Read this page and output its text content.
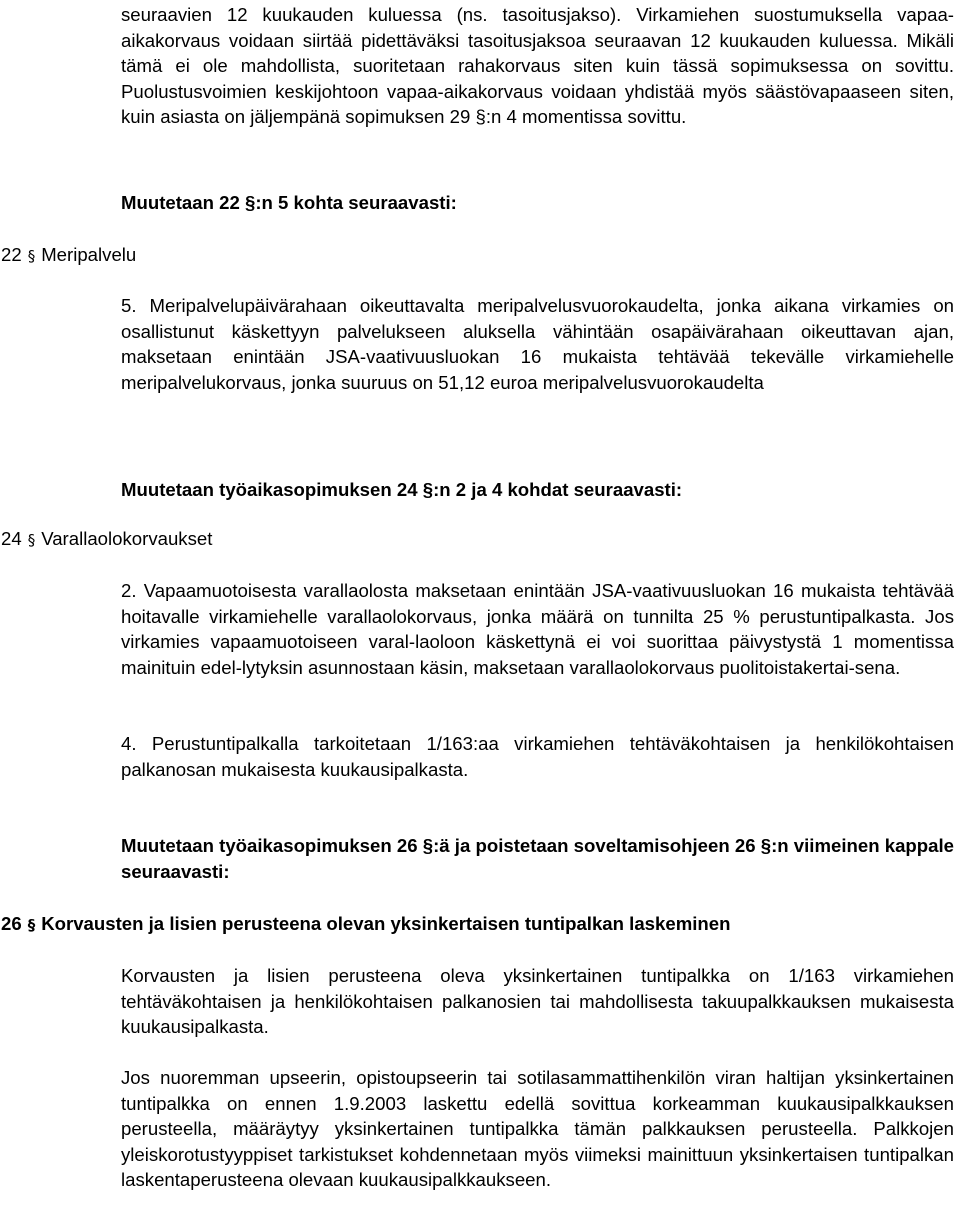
seuraavien 12 kuukauden kuluessa (ns. tasoitusjakso). Virkamiehen suostumuksella vapaa-aikakorvaus voidaan siirtää pidettäväksi tasoitusjaksoa seuraavan 12 kuukauden kuluessa. Mikäli tämä ei ole mahdollista, suoritetaan rahakorvaus siten kuin tässä sopimuksessa on sovittu. Puolustusvoimien keskijohtoon vapaa-aikakorvaus voidaan yhdistää myös säästövapaaseen siten, kuin asiasta on jäljempänä sopimuksen 29 §:n 4 momentissa sovittu.

Muutetaan 22 §:n 5 kohta seuraavasti:

22 § Meripalvelu

5. Meripalvelupäivärahaan oikeuttavalta meripalvelusvuorokaudelta, jonka aikana virkamies on osallistunut käskettyyn palvelukseen aluksella vähintään osapäivärahaan oikeuttavan ajan, maksetaan enintään JSA-vaativuusluokan 16 mukaista tehtävää tekevälle virkamiehelle meripalvelukorvaus, jonka suuruus on 51,12 euroa meripalvelusvuorokaudelta

Muutetaan työaikasopimuksen 24 §:n 2 ja 4 kohdat seuraavasti:

24 § Varallaolokorvaukset

2. Vapaamuotoisesta varallaolosta maksetaan enintään JSA-vaativuusluokan 16 mukaista tehtävää hoitavalle virkamiehelle varallaolokorvaus, jonka määrä on tunnilta 25 % perustuntipalkasta. Jos virkamies vapaamuotoiseen varal-laoloon käskettynä ei voi suorittaa päivystystä 1 momentissa mainituin edel-lytyksin asunnostaan käsin, maksetaan varallaolokorvaus puolitoistakertai-sena.

4. Perustuntipalkalla tarkoitetaan 1/163:aa virkamiehen tehtäväkohtaisen ja henkilökohtaisen palkanosan mukaisesta kuukausipalkasta.

Muutetaan työaikasopimuksen 26 §:ä ja poistetaan soveltamisohjeen 26 §:n viimeinen kappale seuraavasti:

26 § Korvausten ja lisien perusteena olevan yksinkertaisen tuntipalkan laskeminen

Korvausten ja lisien perusteena oleva yksinkertainen tuntipalkka on 1/163 virkamiehen tehtäväkohtaisen ja henkilökohtaisen palkanosien tai mahdollisesta takuupalkkauksen mukaisesta kuukausipalkasta.

Jos nuoremman upseerin, opistoupseerin tai sotilasammattihenkilön viran haltijan yksinkertainen tuntipalkka on ennen 1.9.2003 laskettu edellä sovittua korkeamman kuukausipalkkauksen perusteella, määräytyy yksinkertainen tuntipalkka tämän palkkauksen perusteella. Palkkojen yleiskorotustyyppiset tarkistukset kohdennetaan myös viimeksi mainittuun yksinkertaisen tuntipalkan laskentaperusteena olevaan kuukausipalkkaukseen.
